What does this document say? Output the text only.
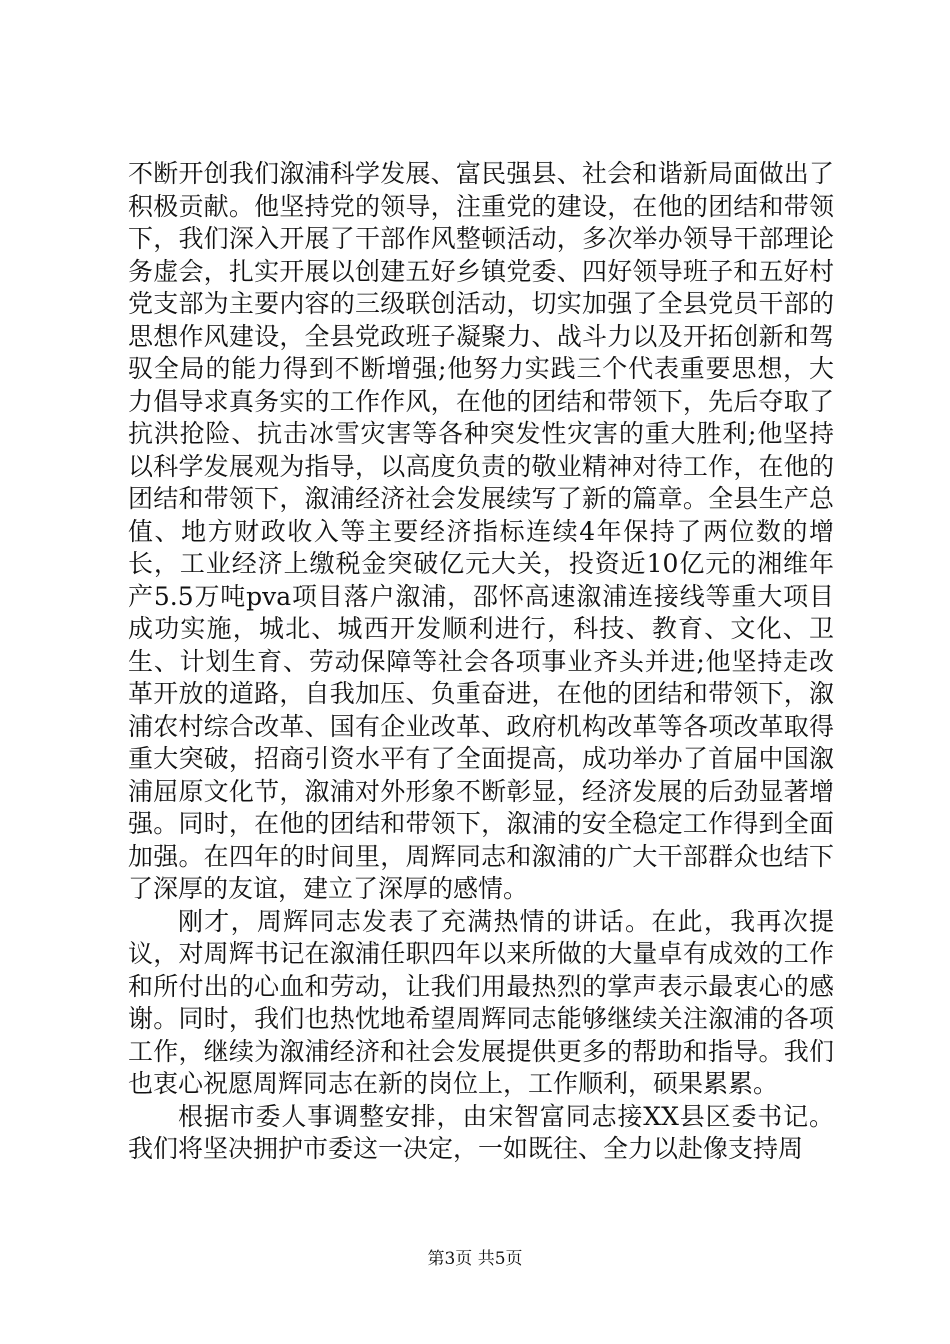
不断开创我们溆浦科学发展、富民强县、社会和谐新局面做出了积极贡献。他坚持党的领导，注重党的建设，在他的团结和带领下，我们深入开展了干部作风整顿活动，多次举办领导干部理论务虚会，扎实开展以创建五好乡镇党委、四好领导班子和五好村党支部为主要内容的三级联创活动，切实加强了全县党员干部的思想作风建设，全县党政班子凝聚力、战斗力以及开拓创新和驾驭全局的能力得到不断增强;他努力实践三个代表重要思想，大力倡导求真务实的工作作风，在他的团结和带领下，先后夺取了抗洪抢险、抗击冰雪灾害等各种突发性灾害的重大胜利;他坚持以科学发展观为指导，以高度负责的敬业精神对待工作，在他的团结和带领下，溆浦经济社会发展续写了新的篇章。全县生产总值、地方财政收入等主要经济指标连续4年保持了两位数的增长，工业经济上缴税金突破亿元大关，投资近10亿元的湘维年产5.5万吨pva项目落户溆浦，邵怀高速溆浦连接线等重大项目成功实施，城北、城西开发顺利进行，科技、教育、文化、卫生、计划生育、劳动保障等社会各项事业齐头并进;他坚持走改革开放的道路，自我加压、负重奋进，在他的团结和带领下，溆浦农村综合改革、国有企业改革、政府机构改革等各项改革取得重大突破，招商引资水平有了全面提高，成功举办了首届中国溆浦屈原文化节，溆浦对外形象不断彰显，经济发展的后劲显著增强。同时，在他的团结和带领下，溆浦的安全稳定工作得到全面加强。在四年的时间里，周辉同志和溆浦的广大干部群众也结下了深厚的友谊，建立了深厚的感情。

刚才，周辉同志发表了充满热情的讲话。在此，我再次提议，对周辉书记在溆浦任职四年以来所做的大量卓有成效的工作和所付出的心血和劳动，让我们用最热烈的掌声表示最衷心的感谢。同时，我们也热忱地希望周辉同志能够继续关注溆浦的各项工作，继续为溆浦经济和社会发展提供更多的帮助和指导。我们也衷心祝愿周辉同志在新的岗位上，工作顺利，硕果累累。

根据市委人事调整安排，由宋智富同志接XX县区委书记。我们将坚决拥护市委这一决定，一如既往、全力以赴像支持周

第3页 共5页
